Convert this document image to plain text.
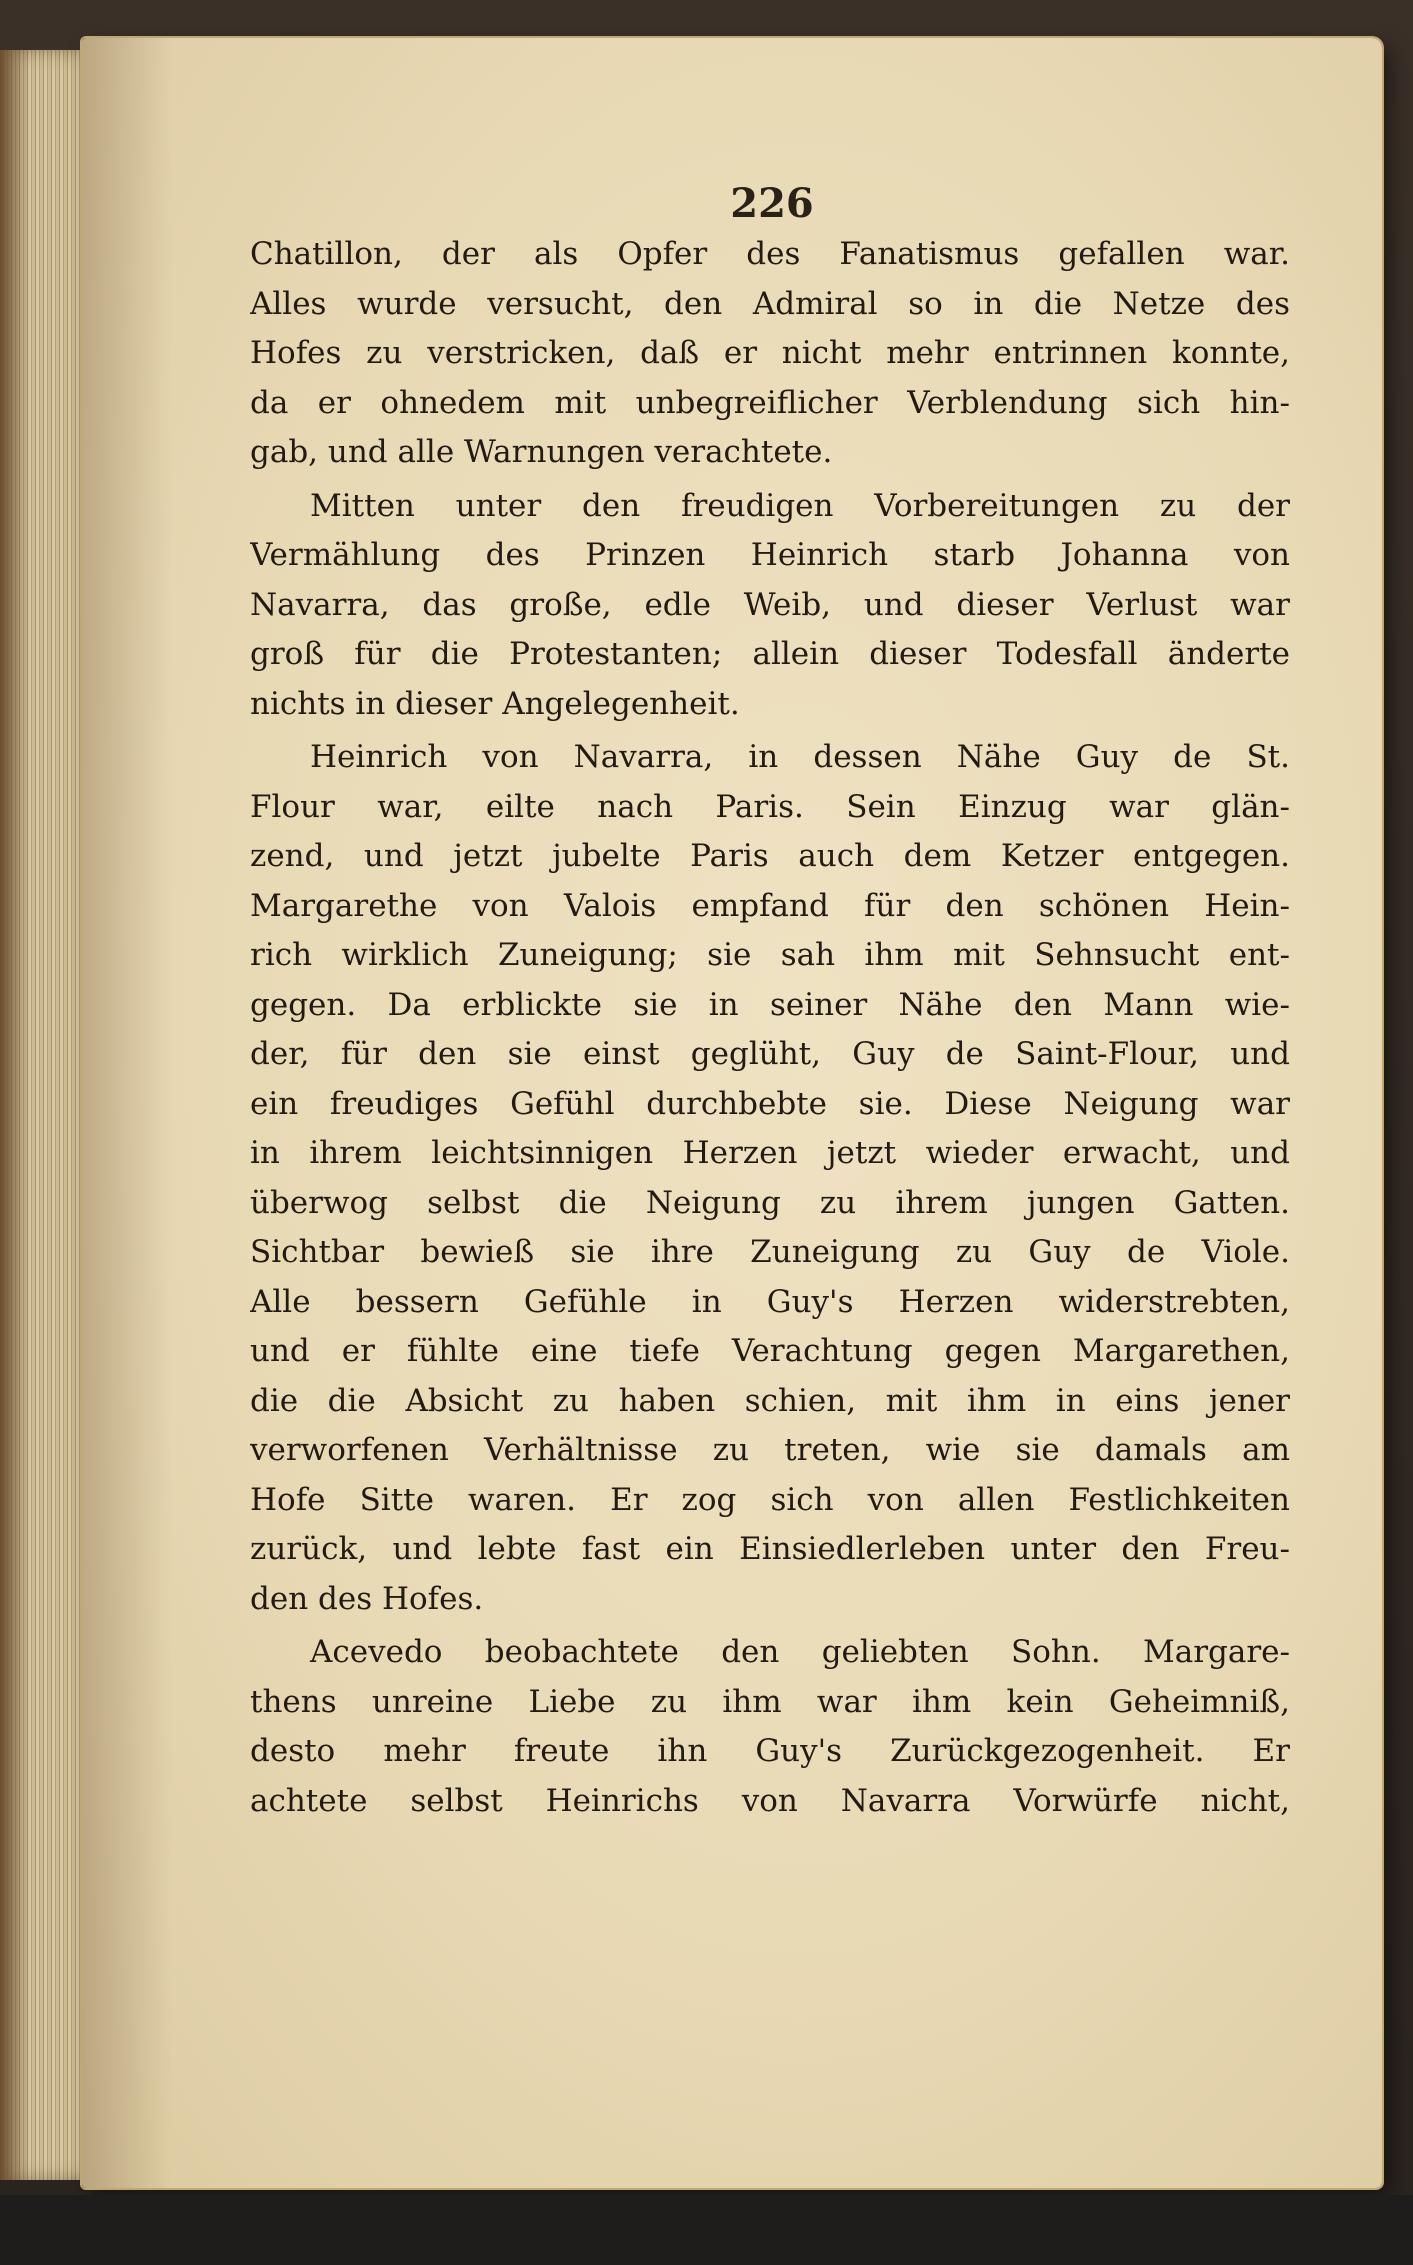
226
Chatillon, der als Opfer des Fanatismus gefallen war.
Alles wurde versucht, den Admiral so in die Netze des
Hofes zu verstricken, daß er nicht mehr entrinnen konnte,
da er ohnedem mit unbegreiflicher Verblendung sich hin-
gab, und alle Warnungen verachtete.
Mitten unter den freudigen Vorbereitungen zu der
Vermählung des Prinzen Heinrich starb Johanna von
Navarra, das große, edle Weib, und dieser Verlust war
groß für die Protestanten; allein dieser Todesfall änderte
nichts in dieser Angelegenheit.
Heinrich von Navarra, in dessen Nähe Guy de St.
Flour war, eilte nach Paris. Sein Einzug war glän-
zend, und jetzt jubelte Paris auch dem Ketzer entgegen.
Margarethe von Valois empfand für den schönen Hein-
rich wirklich Zuneigung; sie sah ihm mit Sehnsucht ent-
gegen. Da erblickte sie in seiner Nähe den Mann wie-
der, für den sie einst geglüht, Guy de Saint-Flour, und
ein freudiges Gefühl durchbebte sie. Diese Neigung war
in ihrem leichtsinnigen Herzen jetzt wieder erwacht, und
überwog selbst die Neigung zu ihrem jungen Gatten.
Sichtbar bewieß sie ihre Zuneigung zu Guy de Viole.
Alle bessern Gefühle in Guy's Herzen widerstrebten,
und er fühlte eine tiefe Verachtung gegen Margarethen,
die die Absicht zu haben schien, mit ihm in eins jener
verworfenen Verhältnisse zu treten, wie sie damals am
Hofe Sitte waren. Er zog sich von allen Festlichkeiten
zurück, und lebte fast ein Einsiedlerleben unter den Freu-
den des Hofes.
Acevedo beobachtete den geliebten Sohn. Margare-
thens unreine Liebe zu ihm war ihm kein Geheimniß,
desto mehr freute ihn Guy's Zurückgezogenheit. Er
achtete selbst Heinrichs von Navarra Vorwürfe nicht,
